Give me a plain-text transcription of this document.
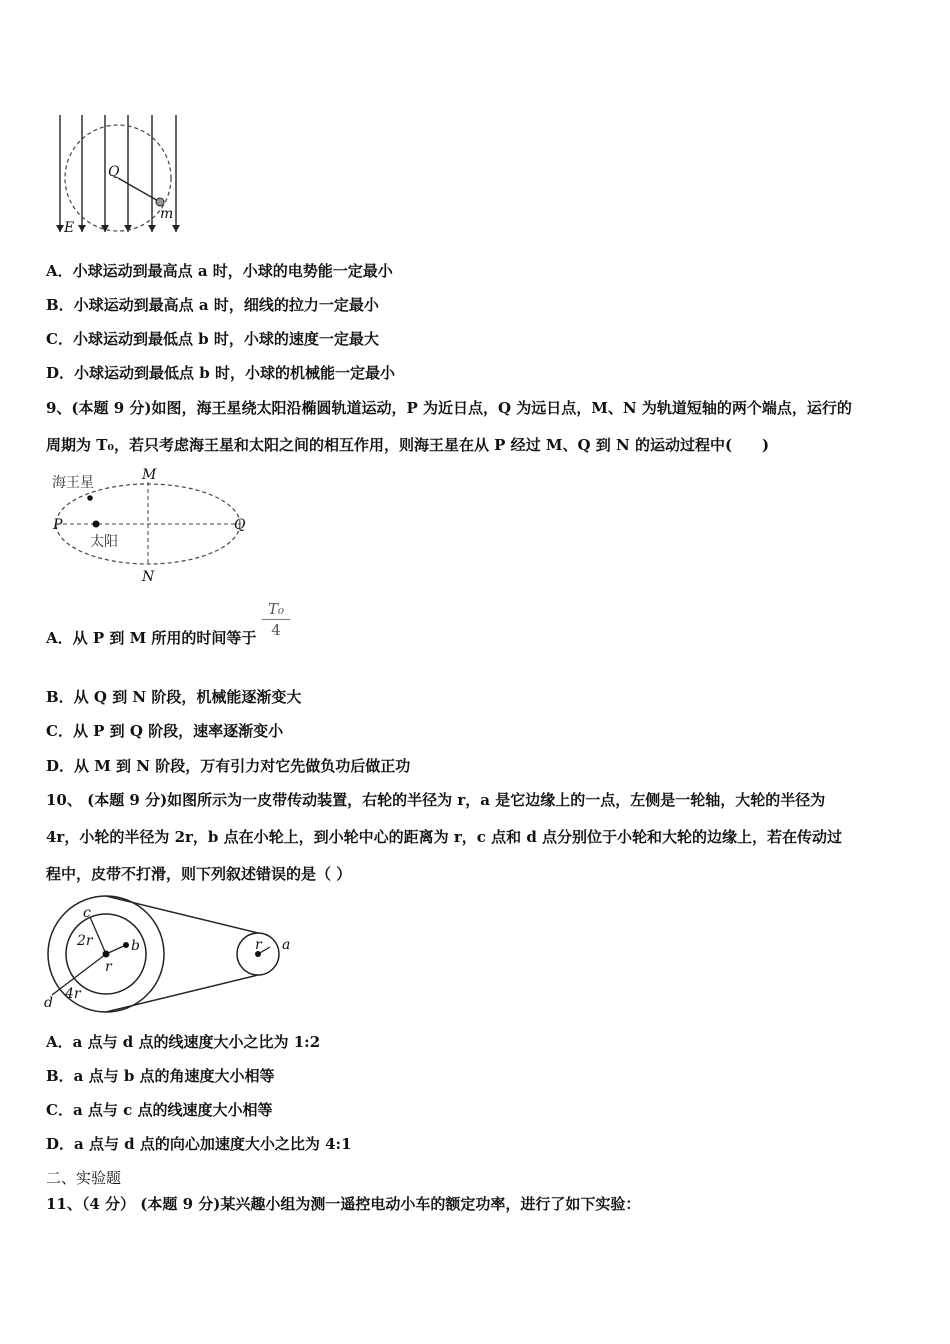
Q
m
E
A．小球运动到最高点 a 时，小球的电势能一定最小
B．小球运动到最高点 a 时，细线的拉力一定最小
C．小球运动到最低点 b 时，小球的速度一定最大
D．小球运动到最低点 b 时，小球的机械能一定最小
9、(本题 9 分)如图，海王星绕太阳沿椭圆轨道运动，P 为近日点，Q 为远日点，M、N 为轨道短轴的两个端点，运行的
周期为 T₀，若只考虑海王星和太阳之间的相互作用，则海王星在从 P 经过 M、Q 到 N 的运动过程中(　　)
海王星
太阳
P	Q
M
N
A．从 P 到 M 所用的时间等于 $\frac{\text{T₀}}{4}$
B．从 Q 到 N 阶段，机械能逐渐变大
C．从 P 到 Q 阶段，速率逐渐变小
D．从 M 到 N 阶段，万有引力对它先做负功后做正功
10、 (本题 9 分)如图所示为一皮带传动装置，右轮的半径为 r，a 是它边缘上的一点，左侧是一轮轴，大轮的半径为
4r，小轮的半径为 2r，b 点在小轮上，到小轮中心的距离为 r，c 点和 d 点分别位于小轮和大轮的边缘上，若在传动过
程中，皮带不打滑，则下列叙述错误的是（ ）
c
2r	b
r
d
4r
r a
A．a 点与 d 点的线速度大小之比为 1:2
B．a 点与 b 点的角速度大小相等
C．a 点与 c 点的线速度大小相等
D．a 点与 d 点的向心加速度大小之比为 4:1
二、实验题
11、（4 分） (本题 9 分)某兴趣小组为测一遥控电动小车的额定功率，进行了如下实验：
